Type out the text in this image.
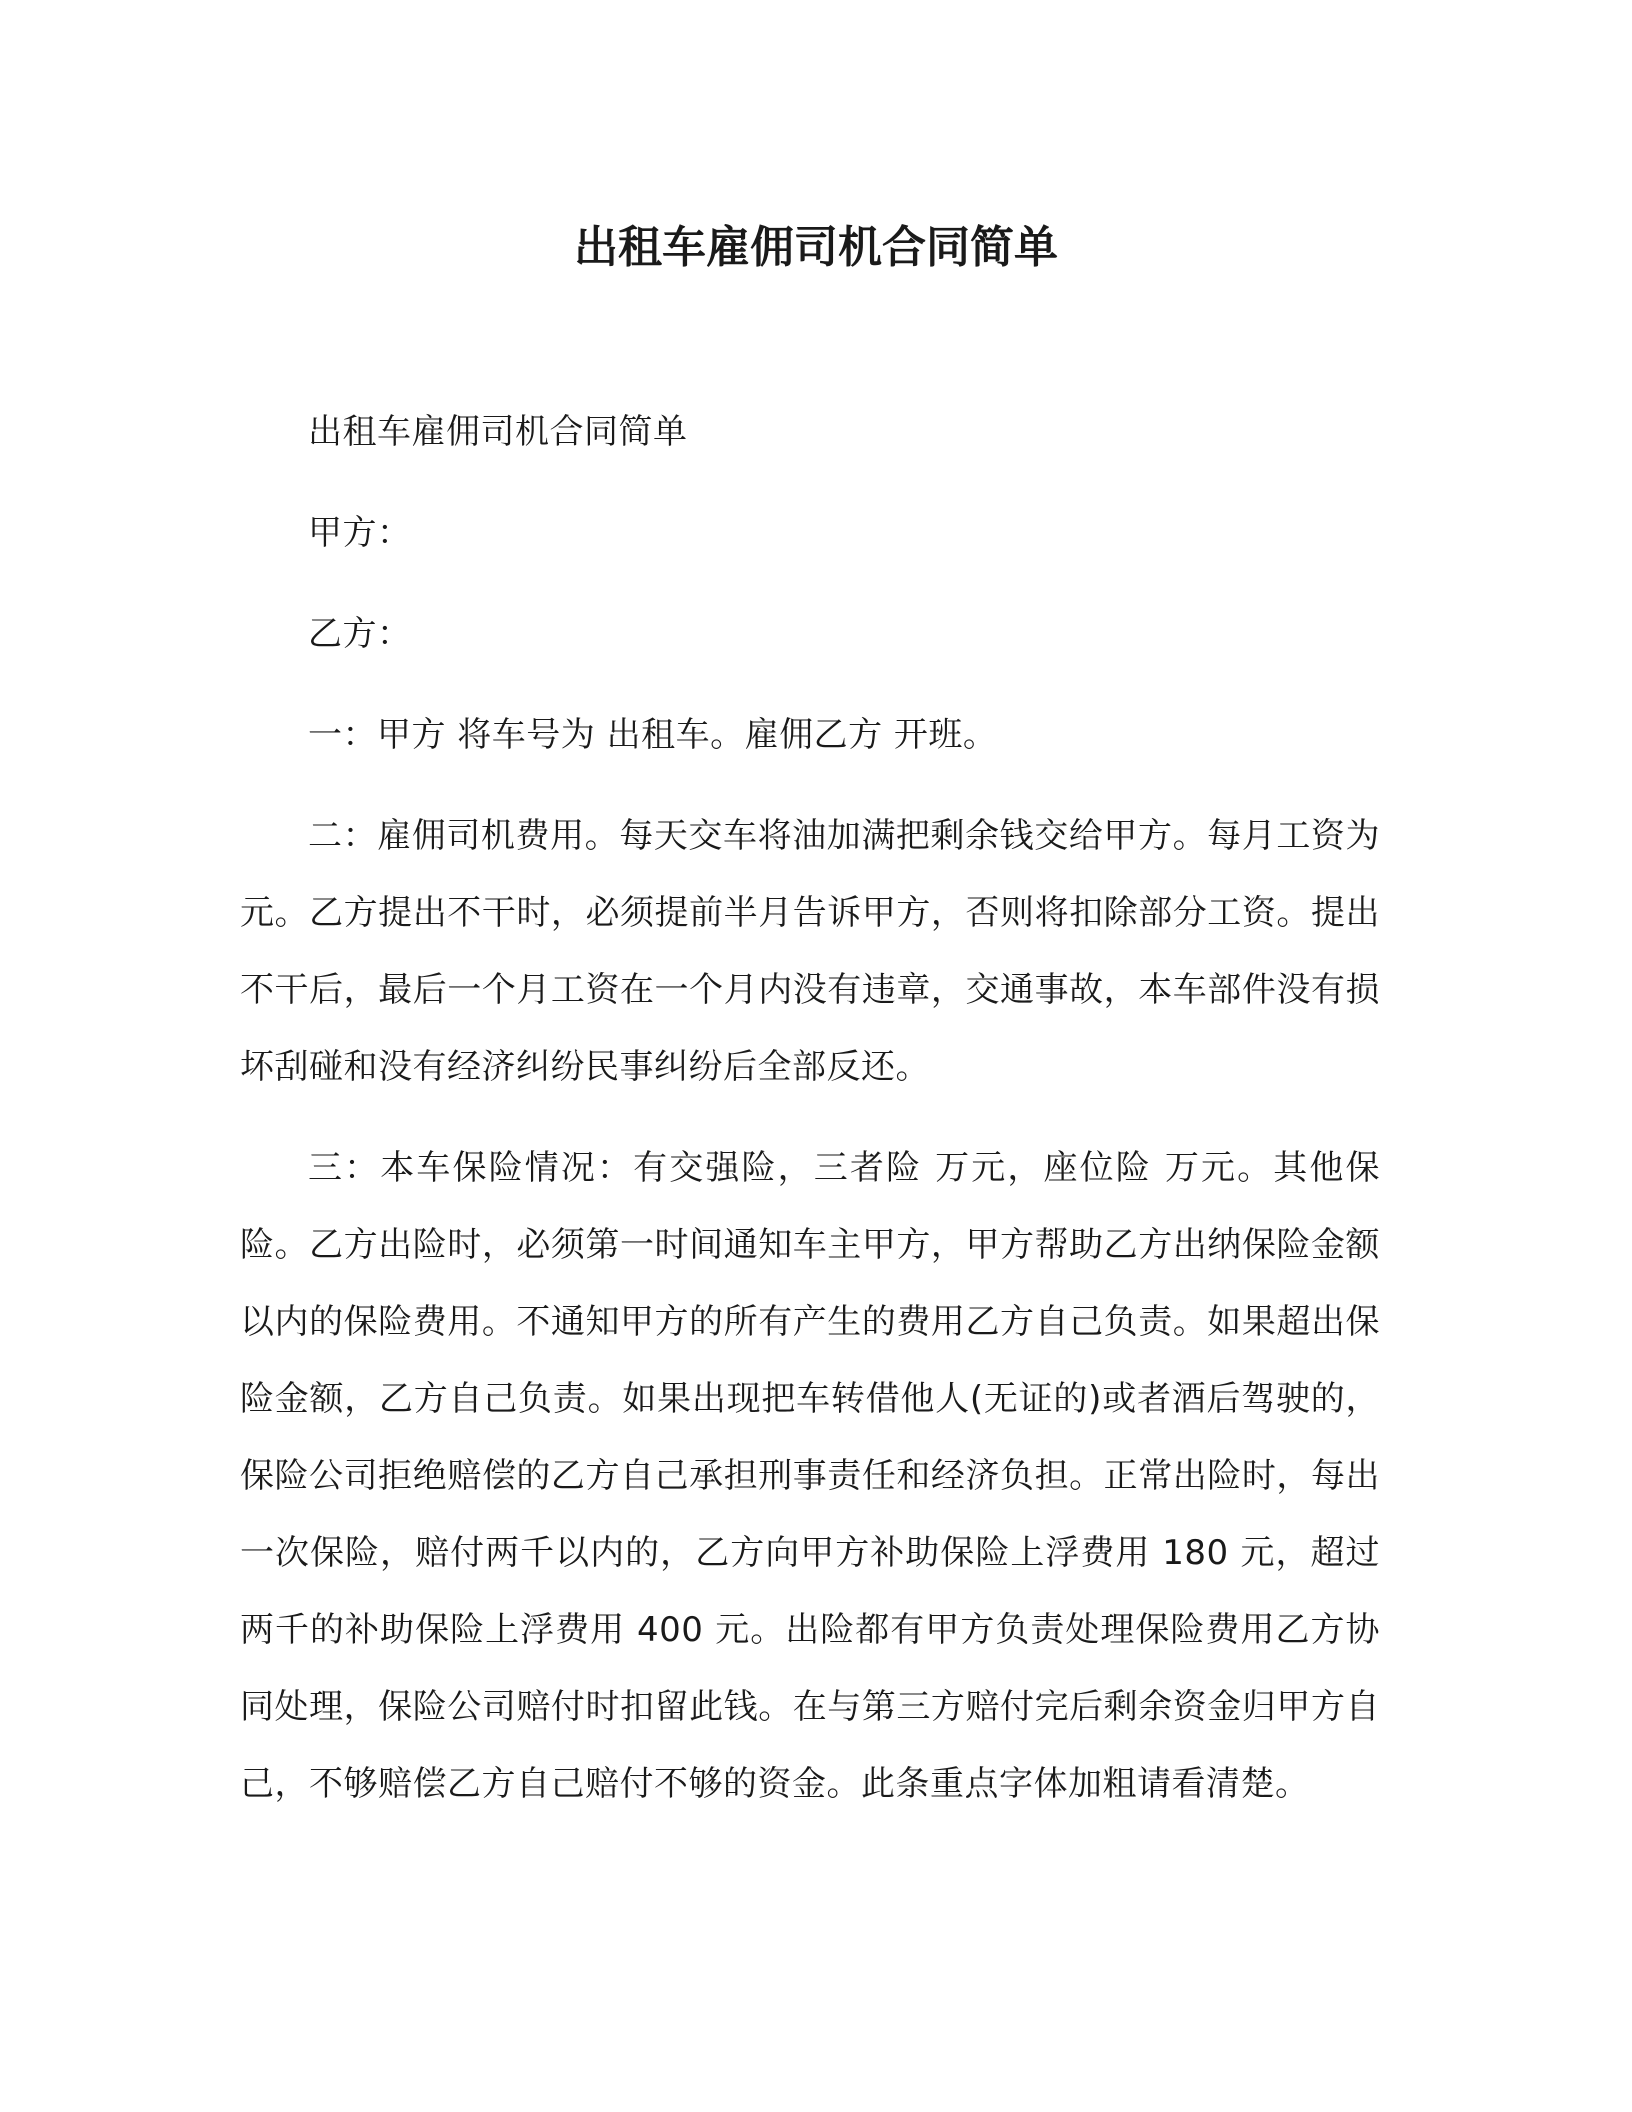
出租车雇佣司机合同简单

出租车雇佣司机合同简单

甲方：

乙方：

一：甲方 将车号为 出租车。雇佣乙方 开班。

二：雇佣司机费用。每天交车将油加满把剩余钱交给甲方。每月工资为元。乙方提出不干时，必须提前半月告诉甲方，否则将扣除部分工资。提出不干后，最后一个月工资在一个月内没有违章，交通事故，本车部件没有损坏刮碰和没有经济纠纷民事纠纷后全部反还。

三：本车保险情况：有交强险，三者险 万元，座位险 万元。其他保险。乙方出险时，必须第一时间通知车主甲方，甲方帮助乙方出纳保险金额以内的保险费用。不通知甲方的所有产生的费用乙方自己负责。如果超出保险金额，乙方自己负责。如果出现把车转借他人(无证的)或者酒后驾驶的，保险公司拒绝赔偿的乙方自己承担刑事责任和经济负担。正常出险时，每出一次保险，赔付两千以内的，乙方向甲方补助保险上浮费用 180 元，超过两千的补助保险上浮费用 400 元。出险都有甲方负责处理保险费用乙方协同处理，保险公司赔付时扣留此钱。在与第三方赔付完后剩余资金归甲方自己，不够赔偿乙方自己赔付不够的资金。此条重点字体加粗请看清楚。
